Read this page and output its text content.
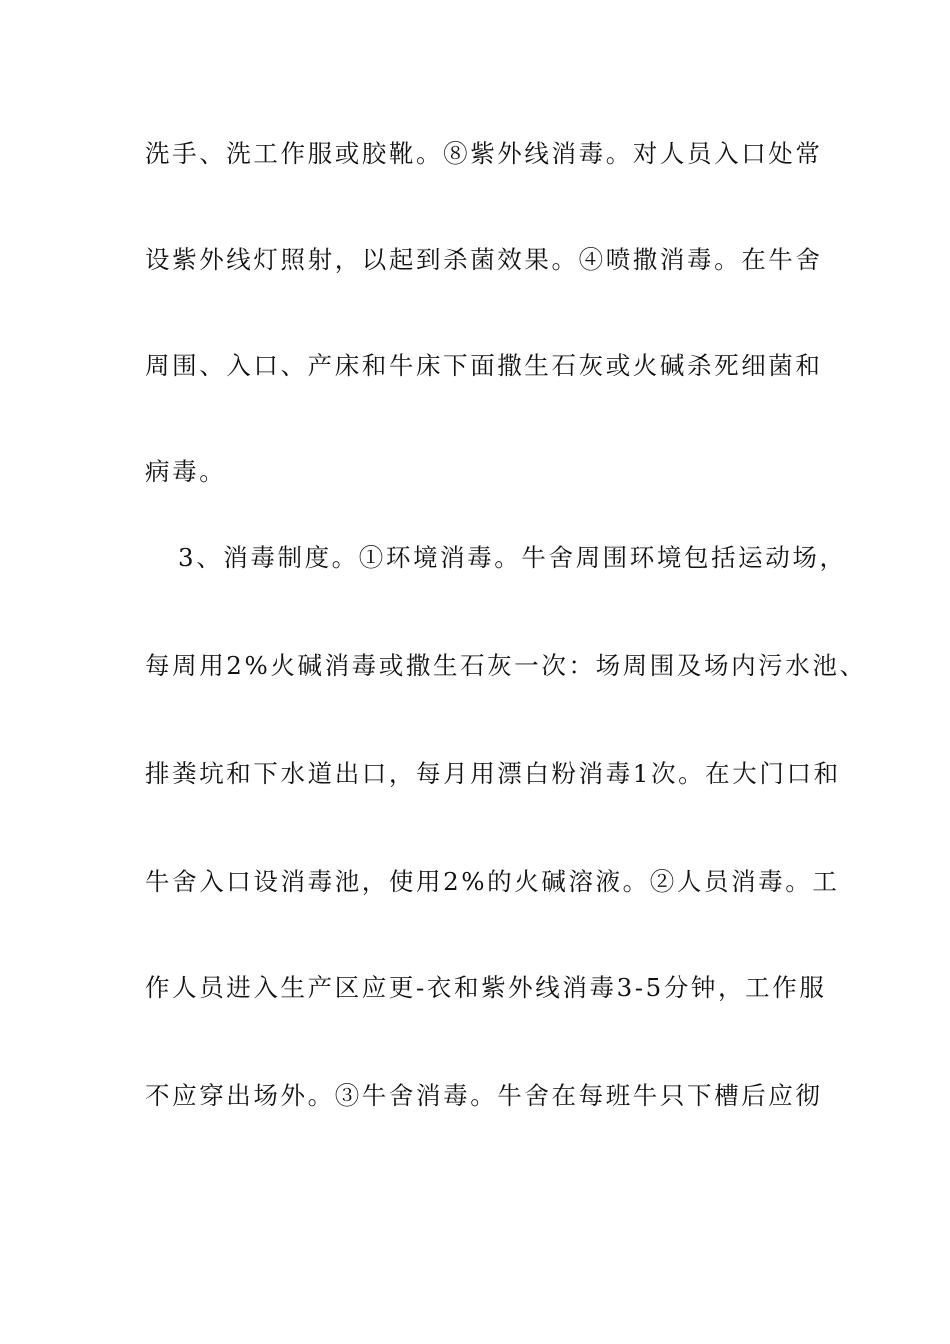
洗手、洗工作服或胶靴。⑧紫外线消毒。对人员入口处常
设紫外线灯照射，以起到杀菌效果。④喷撒消毒。在牛舍
周围、入口、产床和牛床下面撒生石灰或火碱杀死细菌和
病毒。
3、消毒制度。①环境消毒。牛舍周围环境包括运动场，
每周用2%火碱消毒或撒生石灰一次：场周围及场内污水池、
排粪坑和下水道出口，每月用漂白粉消毒1次。在大门口和
牛舍入口设消毒池，使用2%的火碱溶液。②人员消毒。工
作人员进入生产区应更-衣和紫外线消毒3-5分钟，工作服
不应穿出场外。③牛舍消毒。牛舍在每班牛只下槽后应彻
